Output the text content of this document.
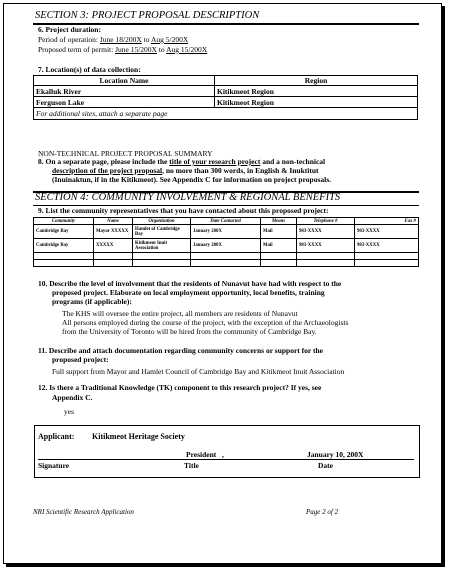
SECTION 3: PROJECT PROPOSAL DESCRIPTION
6. Project duration:
Period of operation: June 18/200X to Aug 5/200X
Proposed term of permit: June 15/200X to Aug 15/200X
7. Location(s) of data collection:
Location Name	Region
Ekalluk River	Kitikmeot Region
Ferguson Lake	Kitikmeot Region
For additional sites, attach a separate page	
NON-TECHNICAL PROJECT PROPOSAL SUMMARY
8. On a separate page, please include the title of your research project and a non-technical
description of the project proposal, no more than 300 words, in English & Inuktitut
(Inuinaktun, if in the Kitikmeot). See Appendix C for information on project proposals.
SECTION 4: COMMUNITY INVOLVEMENT & REGIONAL BENEFITS
9. List the community representatives that you have contacted about this proposed project:
Community	Name	Organization	Date Contacted	Means	Telephone #	Fax #
Cambridge Bay	Mayor XXXXX	Hamlet of Cambridge Bay	January 200X	Mail	983-XXXX	983-XXXX
Cambridge Bay	XXXXX	Kitikmeot Inuit Association	January 200X	Mail	983-XXXX	983-XXXX

10. Describe the level of involvement that the residents of Nunavut have had with respect to the
proposed project. Elaborate on local employment opportunity, local benefits, training
programs (if applicable):
The KHS will oversee the entire project, all members are residents of Nunavut
All persons employed during the course of the project, with the exception of the Archaeologists
from the University of Toronto will be hired from the community of Cambridge Bay.
11. Describe and attach documentation regarding community concerns or support for the
proposed project:
Full support from Mayor and Hamlet Council of Cambridge Bay and Kitikmeot Inuit Association
12. Is there a Traditional Knowledge (TK) component to this research project? If yes, see
Appendix C.
yes
Applicant: Kitikmeot Heritage Society
President ,	January 10, 200X
Signature	Title	Date
NRI Scientific Research Application	Page 2 of 2
